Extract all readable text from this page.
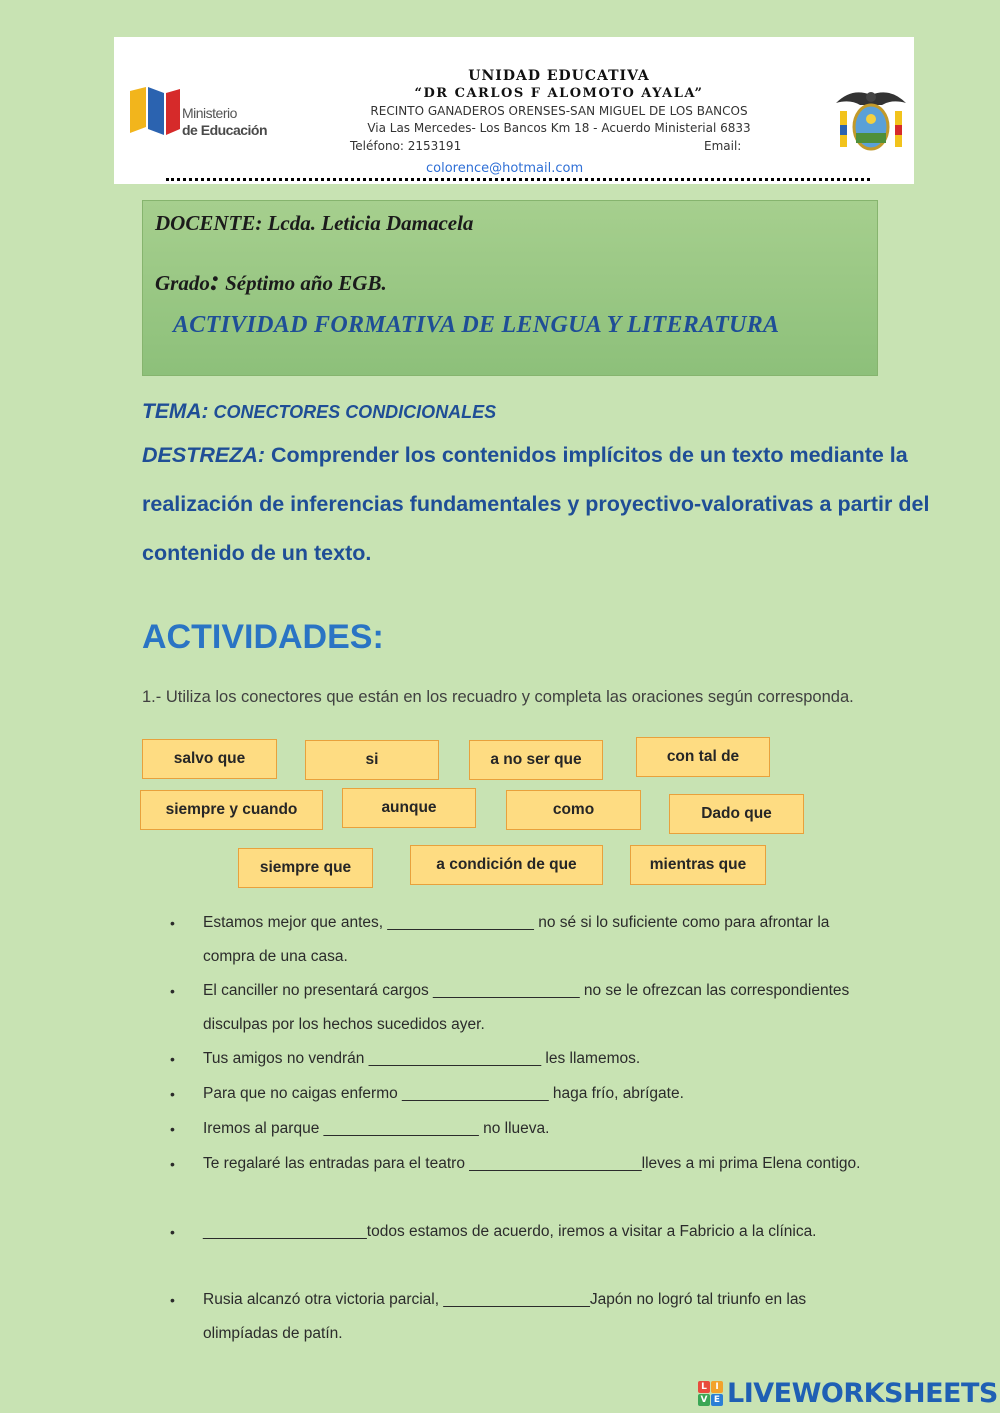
Ministerio
de Educación
UNIDAD EDUCATIVA
“DR CARLOS F ALOMOTO AYALA”
RECINTO GANADEROS ORENSES-SAN MIGUEL DE LOS BANCOS
Via Las Mercedes- Los Bancos Km 18 - Acuerdo Ministerial 6833
Teléfono: 2153191	Email:
colorence@hotmail.com
DOCENTE: Lcda. Leticia Damacela
Grado: Séptimo año EGB.
ACTIVIDAD FORMATIVA DE LENGUA Y LITERATURA
TEMA: CONECTORES CONDICIONALES
DESTREZA: Comprender los contenidos implícitos de un texto mediante la realización de inferencias fundamentales y proyectivo-valorativas a partir del contenido de un texto.
ACTIVIDADES:
1.- Utiliza los conectores que están en los recuadro y completa las oraciones según corresponda.
salvo que	si	a no ser que	con tal de
siempre y cuando	aunque	como	Dado que
siempre que	a condición de que	mientras que
• Estamos mejor que antes, _________________ no sé si lo suficiente como para afrontar la compra de una casa.
• El canciller no presentará cargos _________________ no se le ofrezcan las correspondientes disculpas por los hechos sucedidos ayer.
• Tus amigos no vendrán ____________________ les llamemos.
• Para que no caigas enfermo _________________ haga frío, abrígate.
• Iremos al parque __________________ no llueva.
• Te regalaré las entradas para el teatro ____________________lleves a mi prima Elena contigo.
• ___________________todos estamos de acuerdo, iremos a visitar a Fabricio a la clínica.
• Rusia alcanzó otra victoria parcial, _________________Japón no logró tal triunfo en las olimpíadas de patín.
L I
V E LIVEWORKSHEETS
